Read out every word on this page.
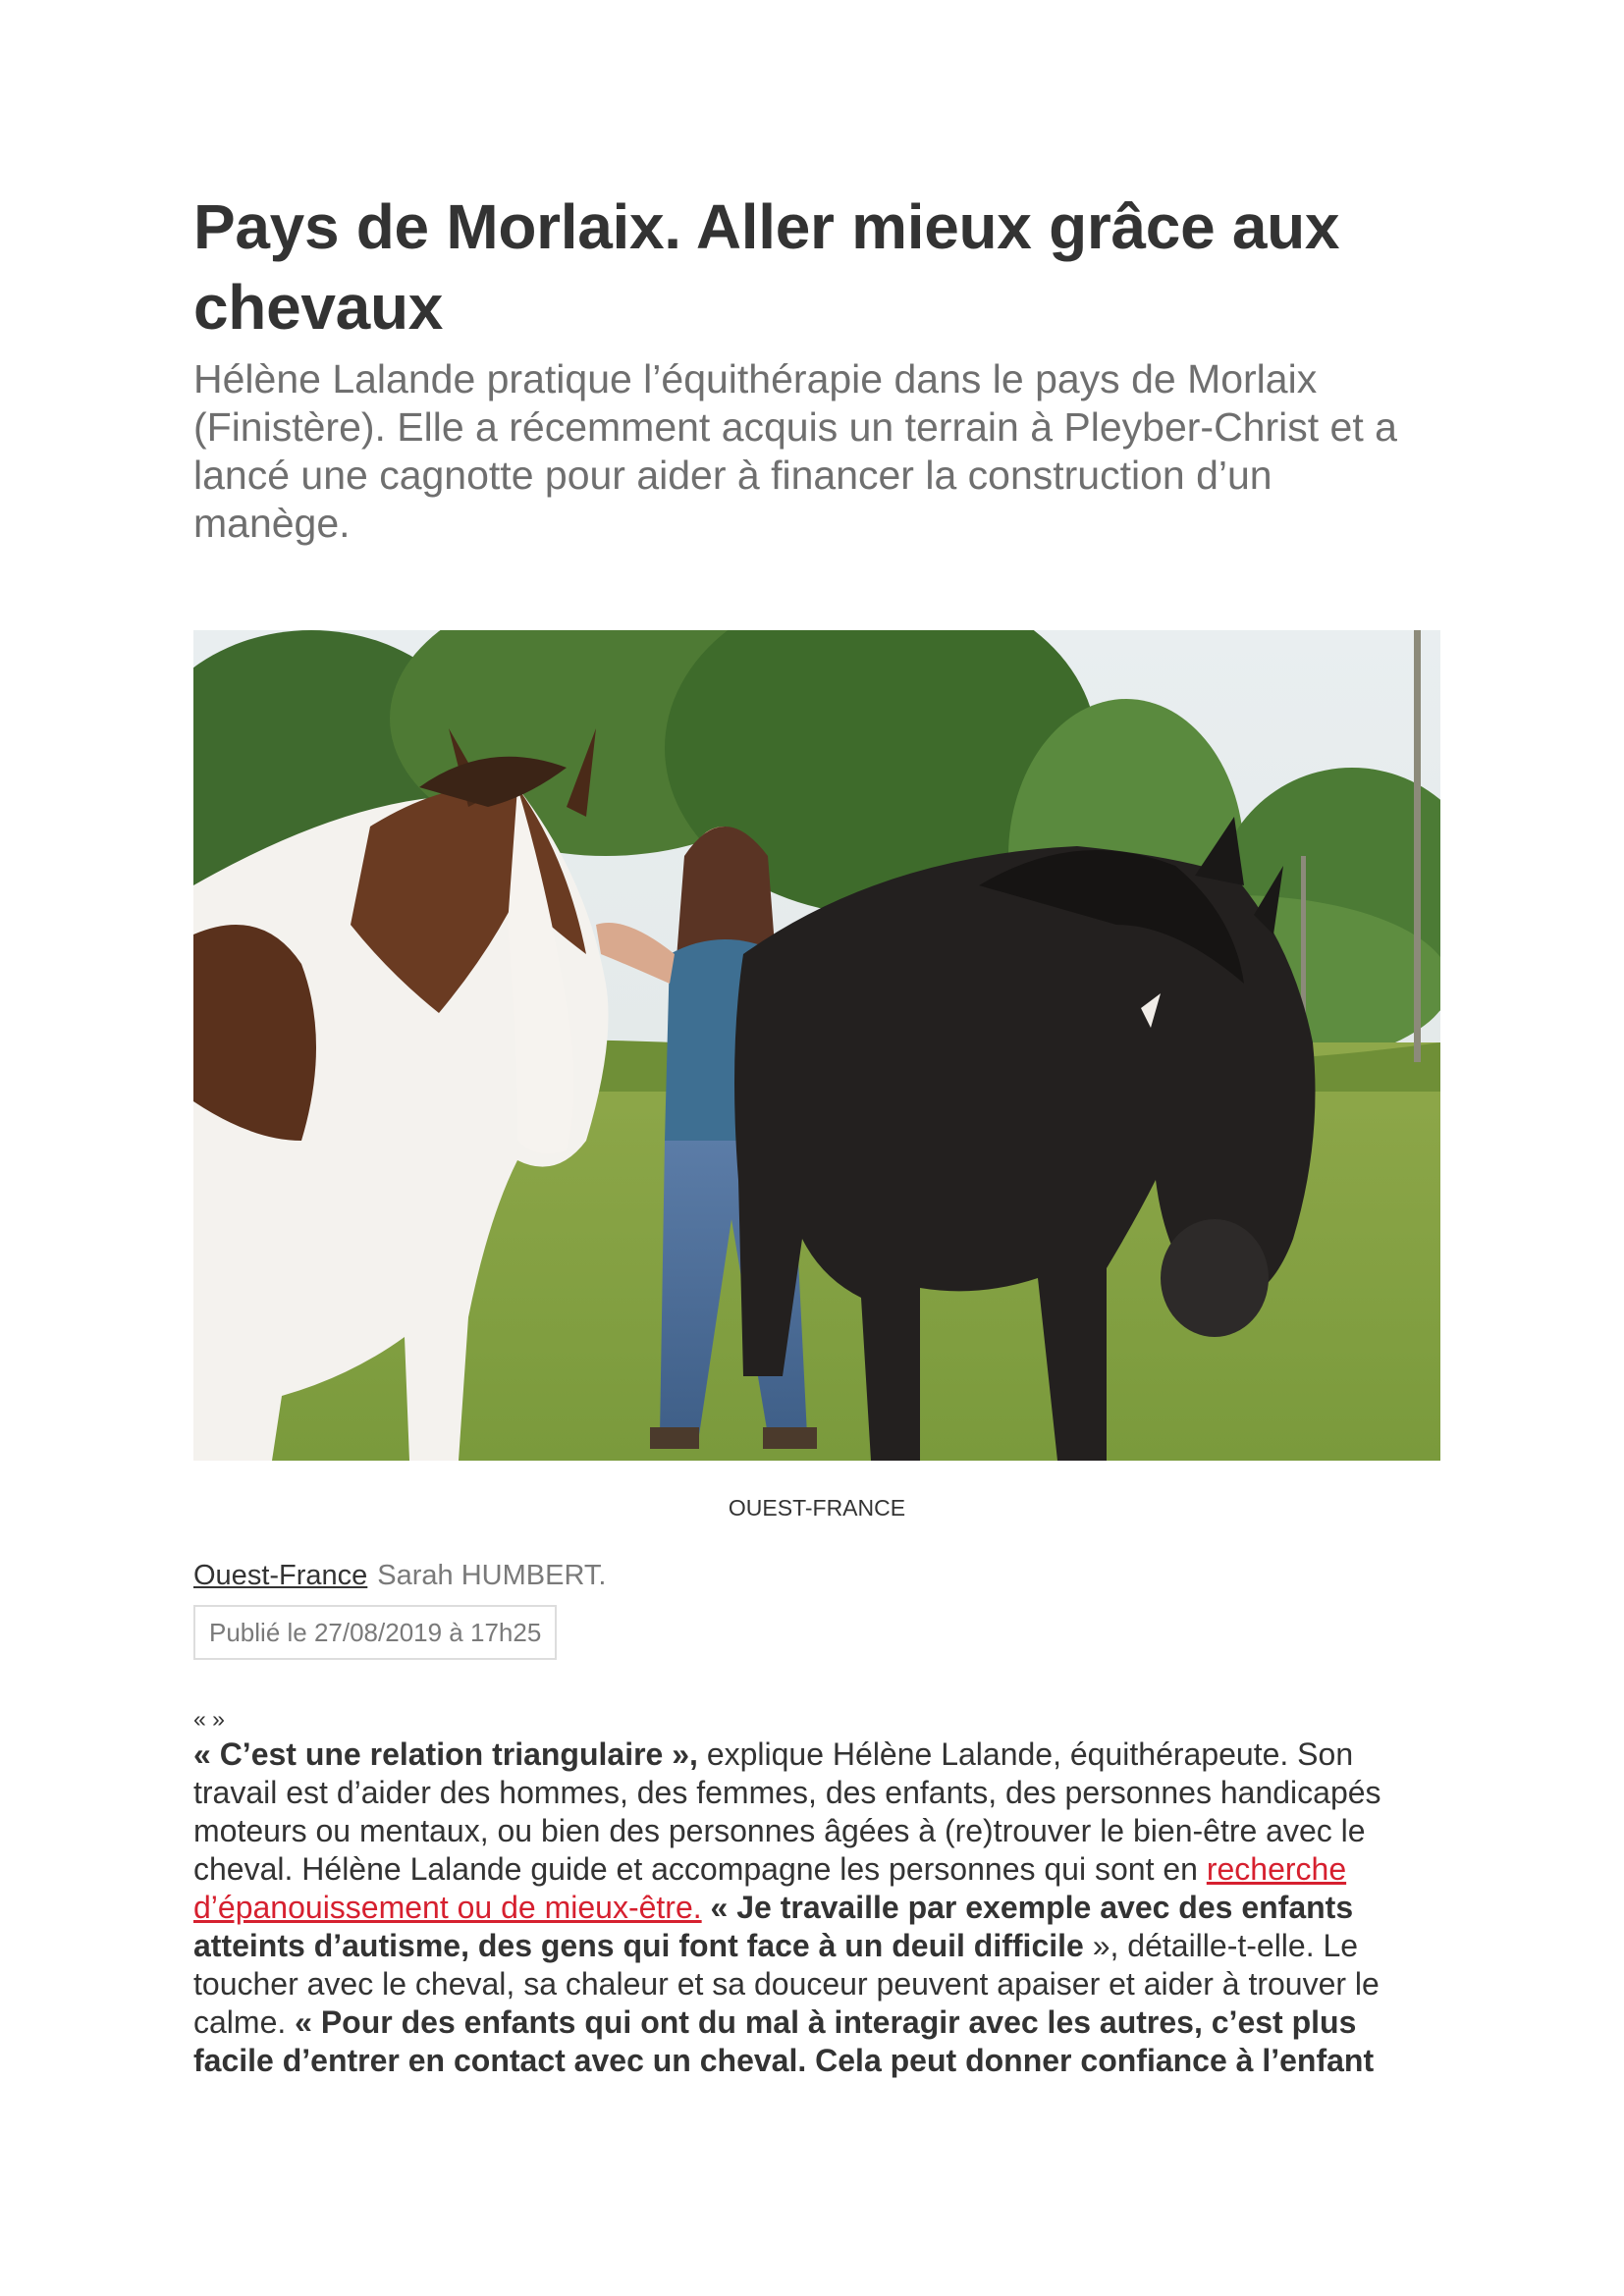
Pays de Morlaix. Aller mieux grâce aux chevaux

Hélène Lalande pratique l’équithérapie dans le pays de Morlaix (Finistère). Elle a récemment acquis un terrain à Pleyber-Christ et a lancé une cagnotte pour aider à financer la construction d’un manège.

OUEST-FRANCE
Ouest-France Sarah HUMBERT.
Publié le 27/08/2019 à 17h25
« »

« C’est une relation triangulaire », explique Hélène Lalande, équithérapeute. Son travail est d’aider des hommes, des femmes, des enfants, des personnes handicapés moteurs ou mentaux, ou bien des personnes âgées à (re)trouver le bien-être avec le cheval. Hélène Lalande guide et accompagne les personnes qui sont en recherche d’épanouissement ou de mieux-être. « Je travaille par exemple avec des enfants atteints d’autisme, des gens qui font face à un deuil difficile », détaille-t-elle. Le toucher avec le cheval, sa chaleur et sa douceur peuvent apaiser et aider à trouver le calme. « Pour des enfants qui ont du mal à interagir avec les autres, c’est plus facile d’entrer en contact avec un cheval. Cela peut donner confiance à l’enfant
